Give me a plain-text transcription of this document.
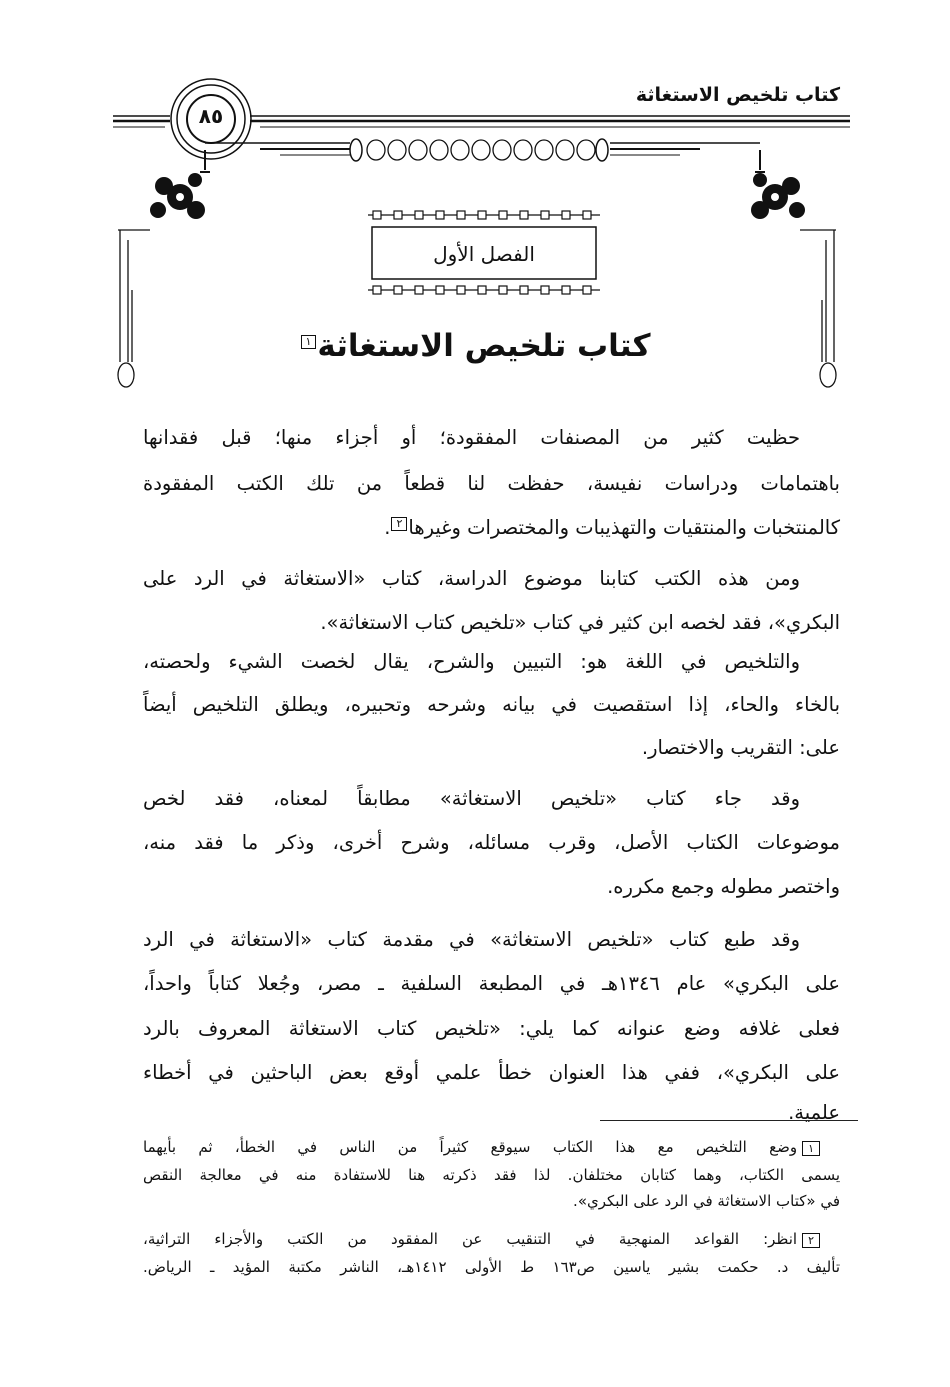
كتاب تلخيص الاستغاثة
٨٥
الفصل الأول
كتاب تلخيص الاستغاثة١
حظيت كثير من المصنفات المفقودة؛ أو أجزاء منها؛ قبل فقدانها
باهتمامات ودراسات نفيسة، حفظت لنا قطعاً من تلك الكتب المفقودة
كالمنتخبات والمنتقيات والتهذيبات والمختصرات وغيرها٢.
ومن هذه الكتب كتابنا موضوع الدراسة، كتاب «الاستغاثة في الرد على
البكري»، فقد لخصه ابن كثير في كتاب «تلخيص كتاب الاستغاثة».
والتلخيص في اللغة هو: التبيين والشرح، يقال لخصت الشيء ولحصته،
بالخاء والحاء، إذا استقصيت في بيانه وشرحه وتحبيره، ويطلق التلخيص أيضاً
على: التقريب والاختصار.
وقد جاء كتاب «تلخيص الاستغاثة» مطابقاً لمعناه، فقد لخص
موضوعات الكتاب الأصل، وقرب مسائله، وشرح أخرى، وذكر ما فقد منه،
واختصر مطوله وجمع مكرره.
وقد طبع كتاب «تلخيص الاستغاثة» في مقدمة كتاب «الاستغاثة في الرد
على البكري» عام ١٣٤٦هـ في المطبعة السلفية ـ مصر، وجُعلا كتاباً واحداً،
فعلى غلافه وضع عنوانه كما يلي: «تلخيص كتاب الاستغاثة المعروف بالرد
على البكري»، ففي هذا العنوان خطأ علمي أوقع بعض الباحثين في أخطاء
علمية.
١وضع التلخيص مع هذا الكتاب سيوقع كثيراً من الناس في الخطأ، ثم بأيهما
يسمى الكتاب، وهما كتابان مختلفان. لذا فقد ذكرته هنا للاستفادة منه في معالجة النقص
في «كتاب الاستغاثة في الرد على البكري».
٢انظر: القواعد المنهجية في التنقيب عن المفقود من الكتب والأجزاء التراثية،
تأليف د. حكمت بشير ياسين ص١٦٣ ط الأولى ١٤١٢هـ، الناشر مكتبة المؤيد ـ الرياض.
